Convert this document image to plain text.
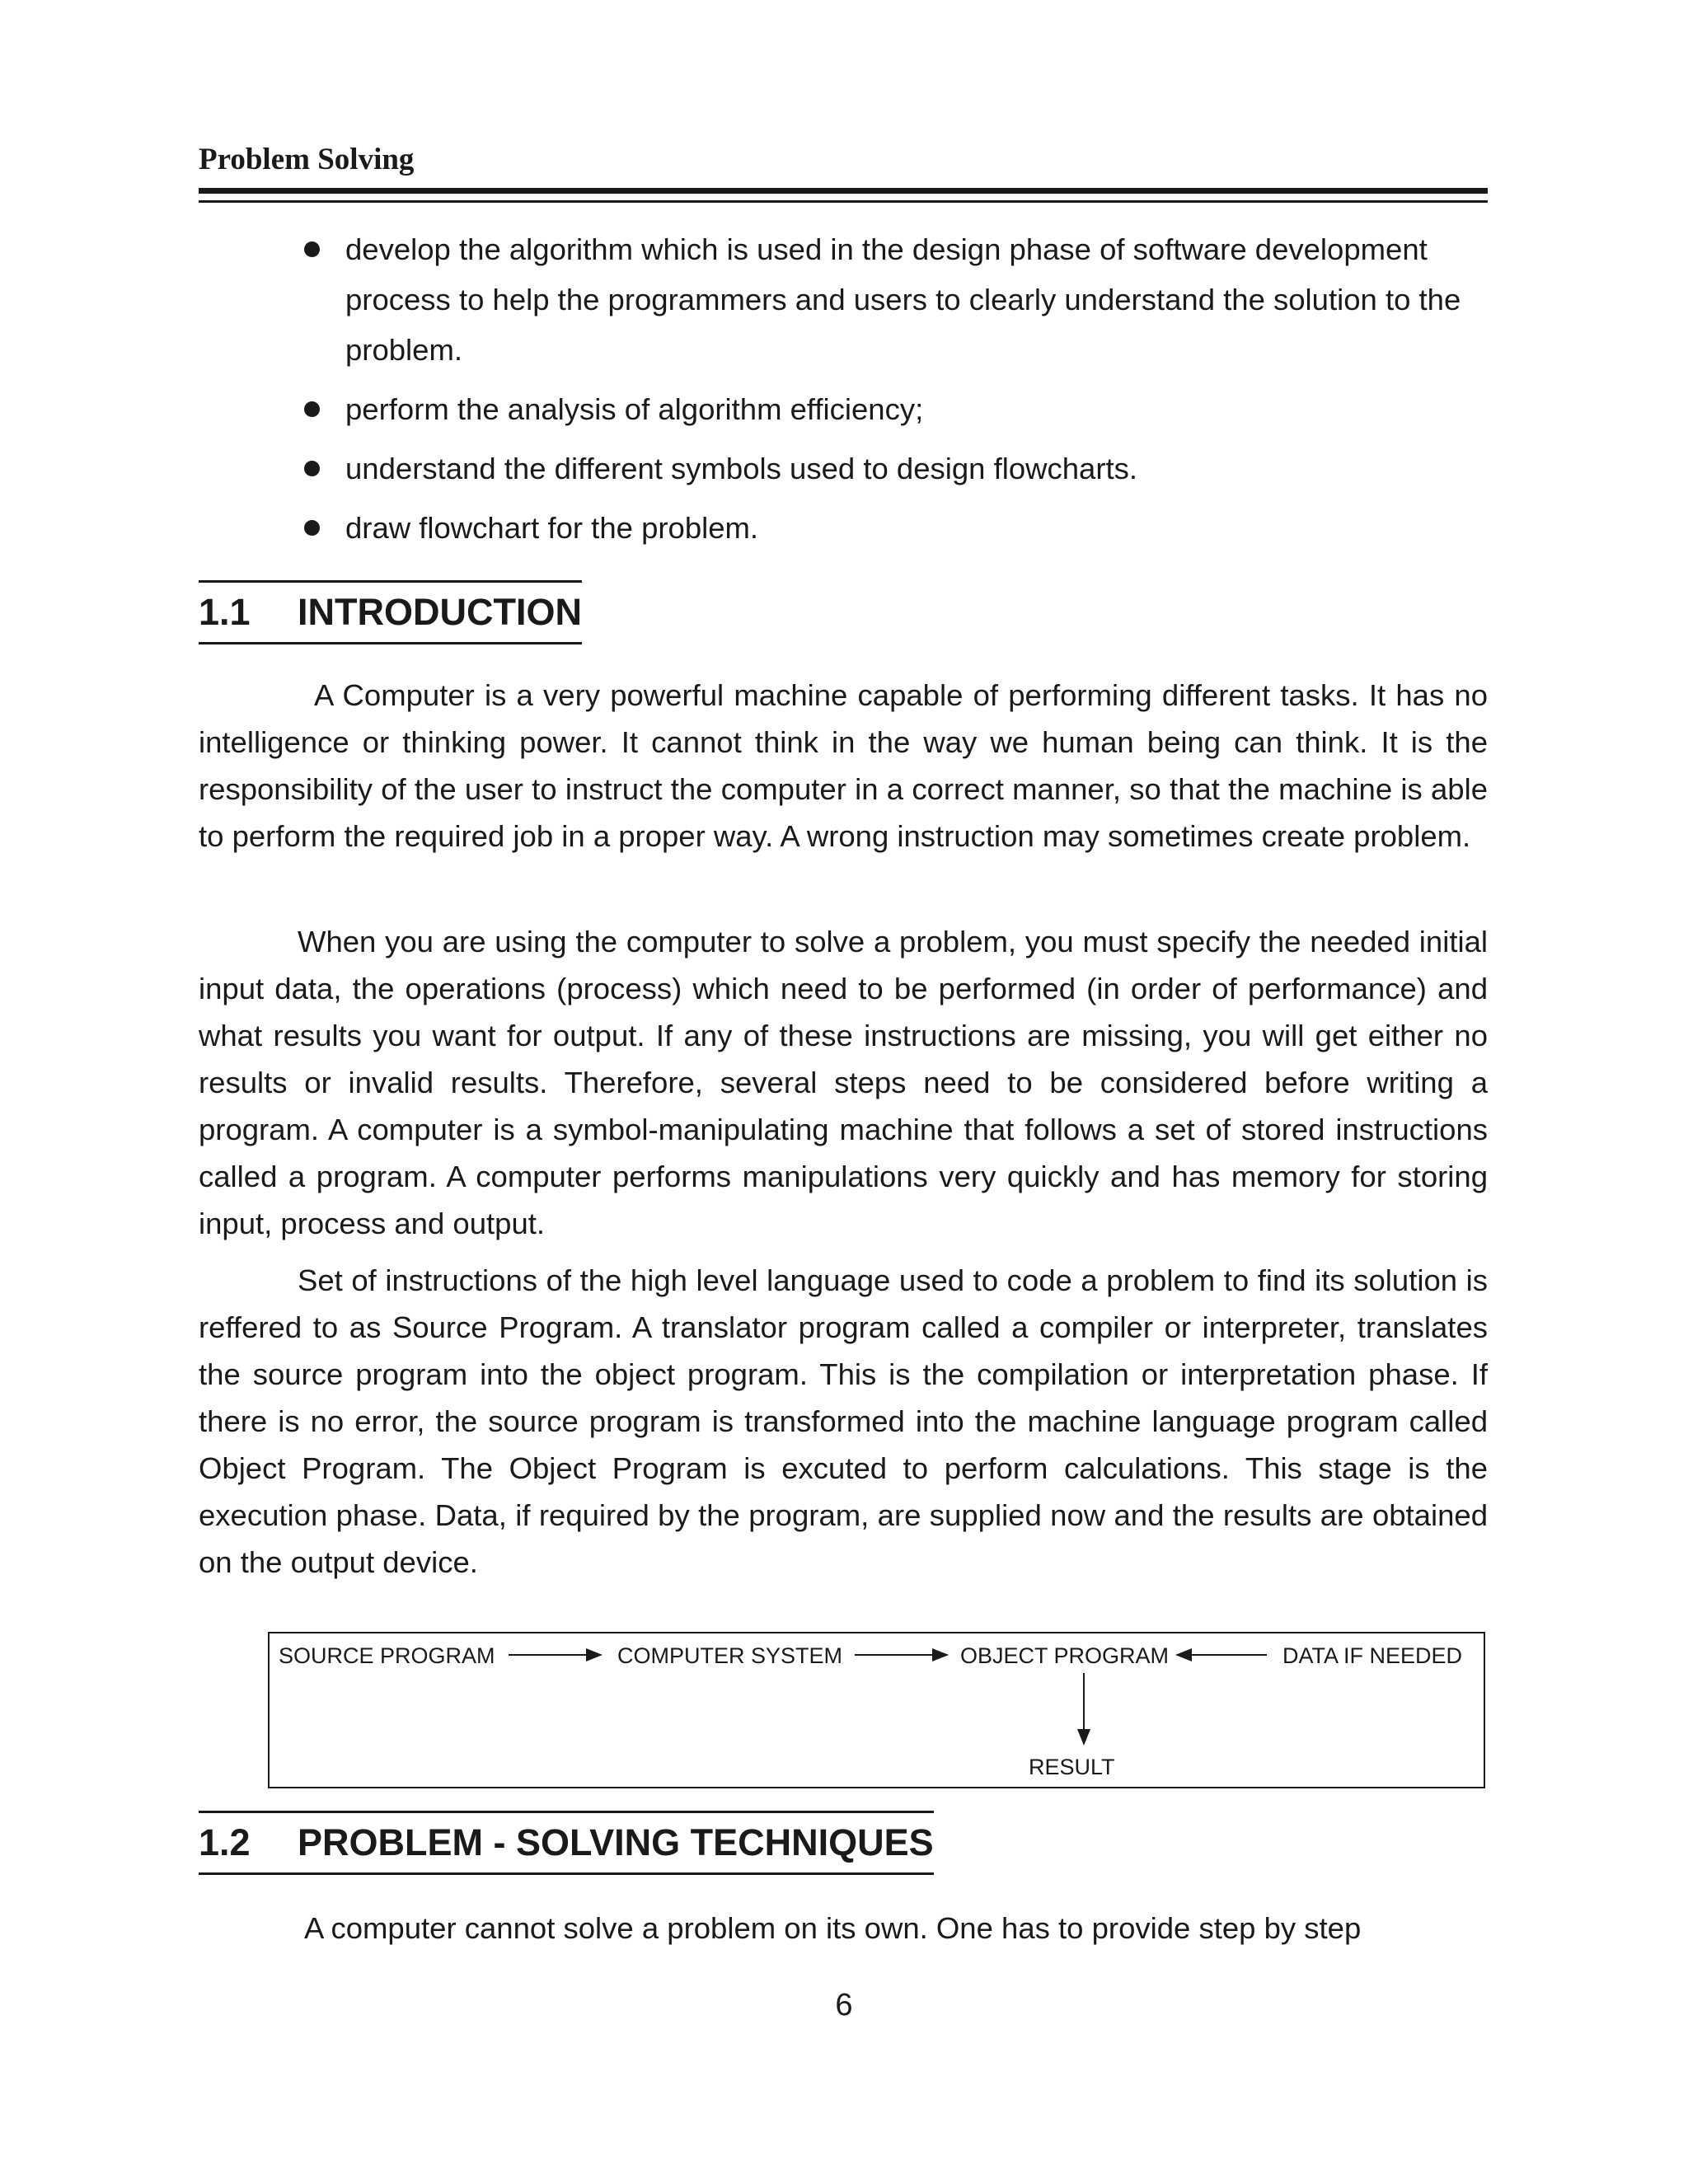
Problem Solving
develop the algorithm which is used in the design phase of software development process to help the programmers and users to clearly understand the solution to the problem.
perform the analysis of algorithm efficiency;
understand the different symbols used to design flowcharts.
draw flowchart for the problem.
1.1 INTRODUCTION

A Computer is a very powerful machine capable of performing different tasks. It has no intelligence or thinking power. It cannot think in the way we human being can think. It is the responsibility of the user to instruct the computer in a correct manner, so that the machine is able to perform the required job in a proper way. A wrong instruction may sometimes create problem.

When you are using the computer to solve a problem, you must specify the needed initial input data, the operations (process) which need to be performed (in order of performance) and what results you want for output. If any of these instructions are missing, you will get either no results or invalid results. Therefore, several steps need to be considered before writing a program. A computer is a symbol-manipulating machine that follows a set of stored instructions called a program. A computer performs manipulations very quickly and has memory for storing input, process and output.

Set of instructions of the high level language used to code a problem to find its solution is reffered to as Source Program. A translator program called a compiler or interpreter, translates the source program into the object program. This is the compilation or interpretation phase. If there is no error, the source program is transformed into the machine language program called Object Program. The Object Program is excuted to perform calculations. This stage is the execution phase. Data, if required by the program, are supplied now and the results are obtained on the output device.

SOURCE PROGRAM	COMPUTER SYSTEM	OBJECT PROGRAM	DATA IF NEEDED
RESULT
1.2 PROBLEM - SOLVING TECHNIQUES

A computer cannot solve a problem on its own. One has to provide step by step

6
